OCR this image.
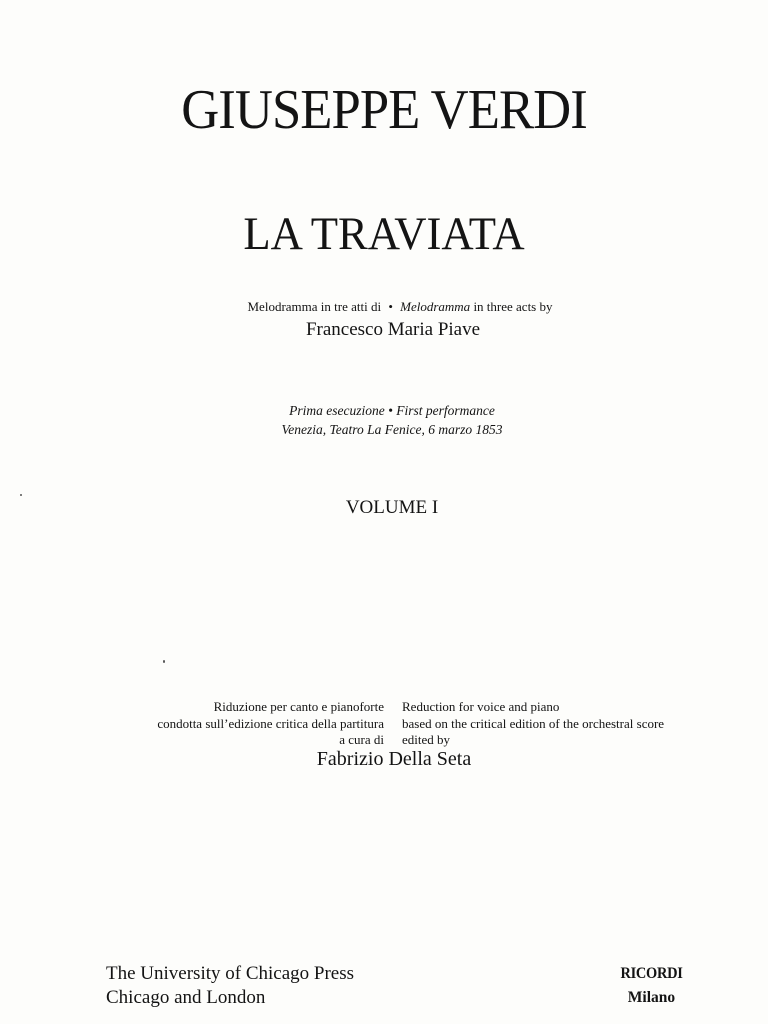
GIUSEPPE VERDI
LA TRAVIATA
Melodramma in tre atti di • Melodramma in three acts by
Francesco Maria Piave
Prima esecuzione • First performance
Venezia, Teatro La Fenice, 6 marzo 1853
VOLUME I
Riduzione per canto e pianoforte
condotta sull’edizione critica della partitura
a cura di
Reduction for voice and piano
based on the critical edition of the orchestral score
edited by
Fabrizio Della Seta
The University of Chicago Press
Chicago and London
RICORDI
Milano
